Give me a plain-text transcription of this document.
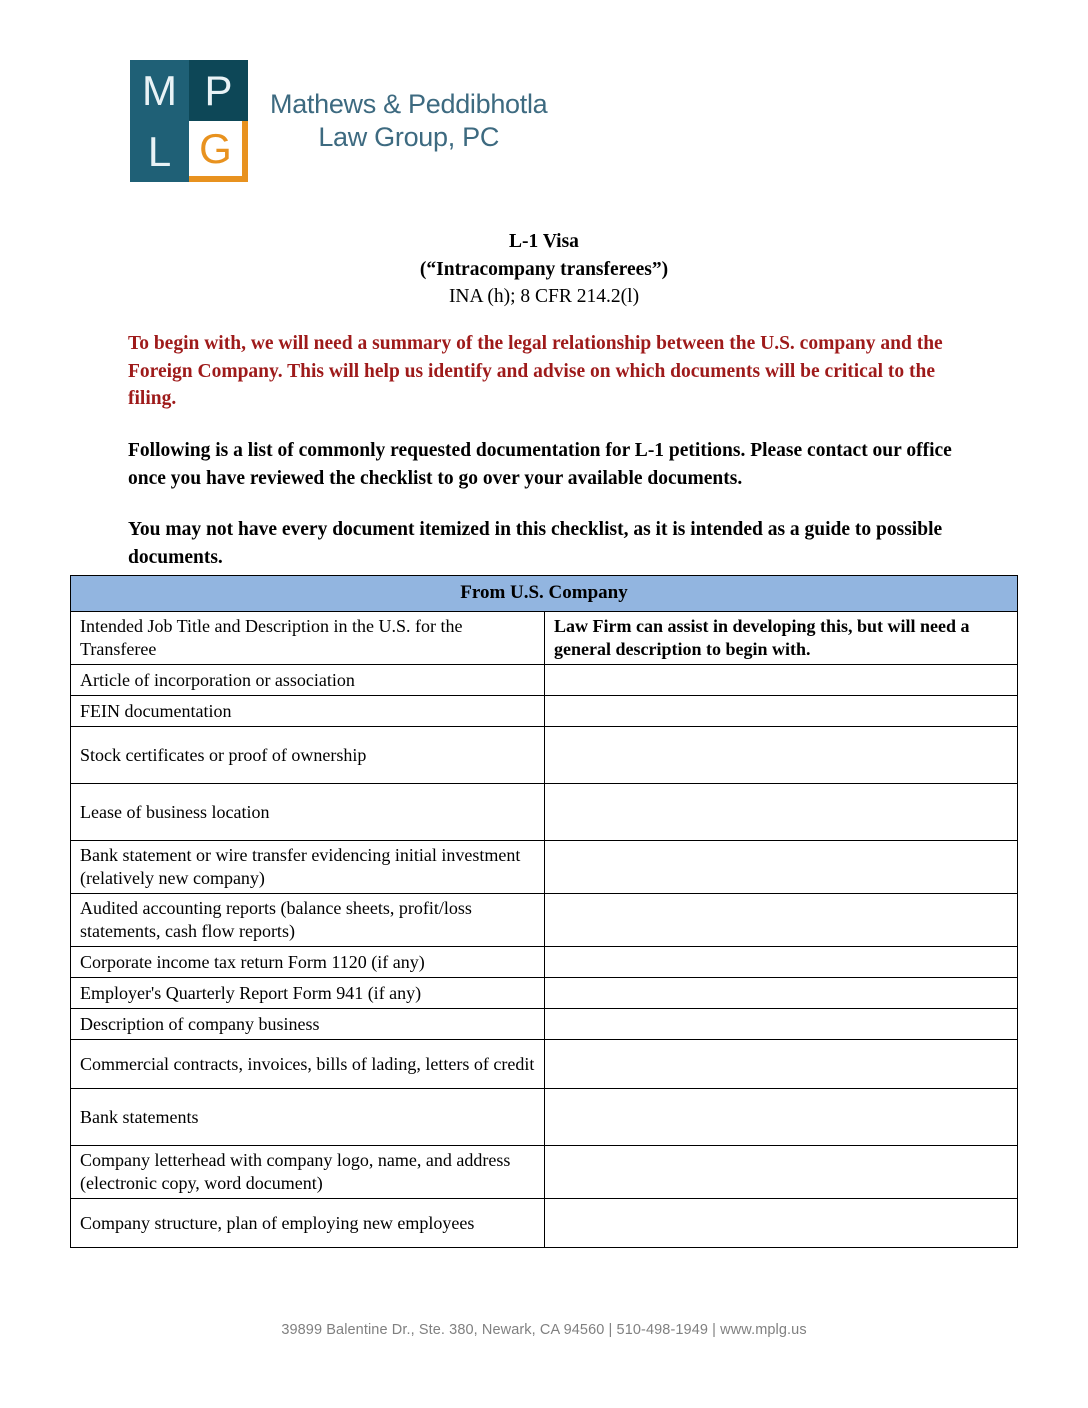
M P
L G
Mathews & Peddibhotla
Law Group, PC
L-1 Visa
(“Intracompany transferees”)
INA (h); 8 CFR 214.2(l)

To begin with, we will need a summary of the legal relationship between the U.S. company and the Foreign Company. This will help us identify and advise on which documents will be critical to the filing.

Following is a list of commonly requested documentation for L-1 petitions. Please contact our office once you have reviewed the checklist to go over your available documents.

You may not have every document itemized in this checklist, as it is intended as a guide to possible documents.

From U.S. Company	
Intended Job Title and Description in the U.S. for the Transferee	Law Firm can assist in developing this, but will need a general description to begin with.
Article of incorporation or association	
FEIN documentation	
Stock certificates or proof of ownership	
Lease of business location	
Bank statement or wire transfer evidencing initial investment (relatively new company)	
Audited accounting reports (balance sheets, profit/loss statements, cash flow reports)	
Corporate income tax return Form 1120 (if any)	
Employer's Quarterly Report Form 941 (if any)	
Description of company business	
Commercial contracts, invoices, bills of lading, letters of credit	
Bank statements	
Company letterhead with company logo, name, and address (electronic copy, word document)	
Company structure, plan of employing new employees	
39899 Balentine Dr., Ste. 380, Newark, CA 94560 | 510-498-1949 | www.mplg.us
